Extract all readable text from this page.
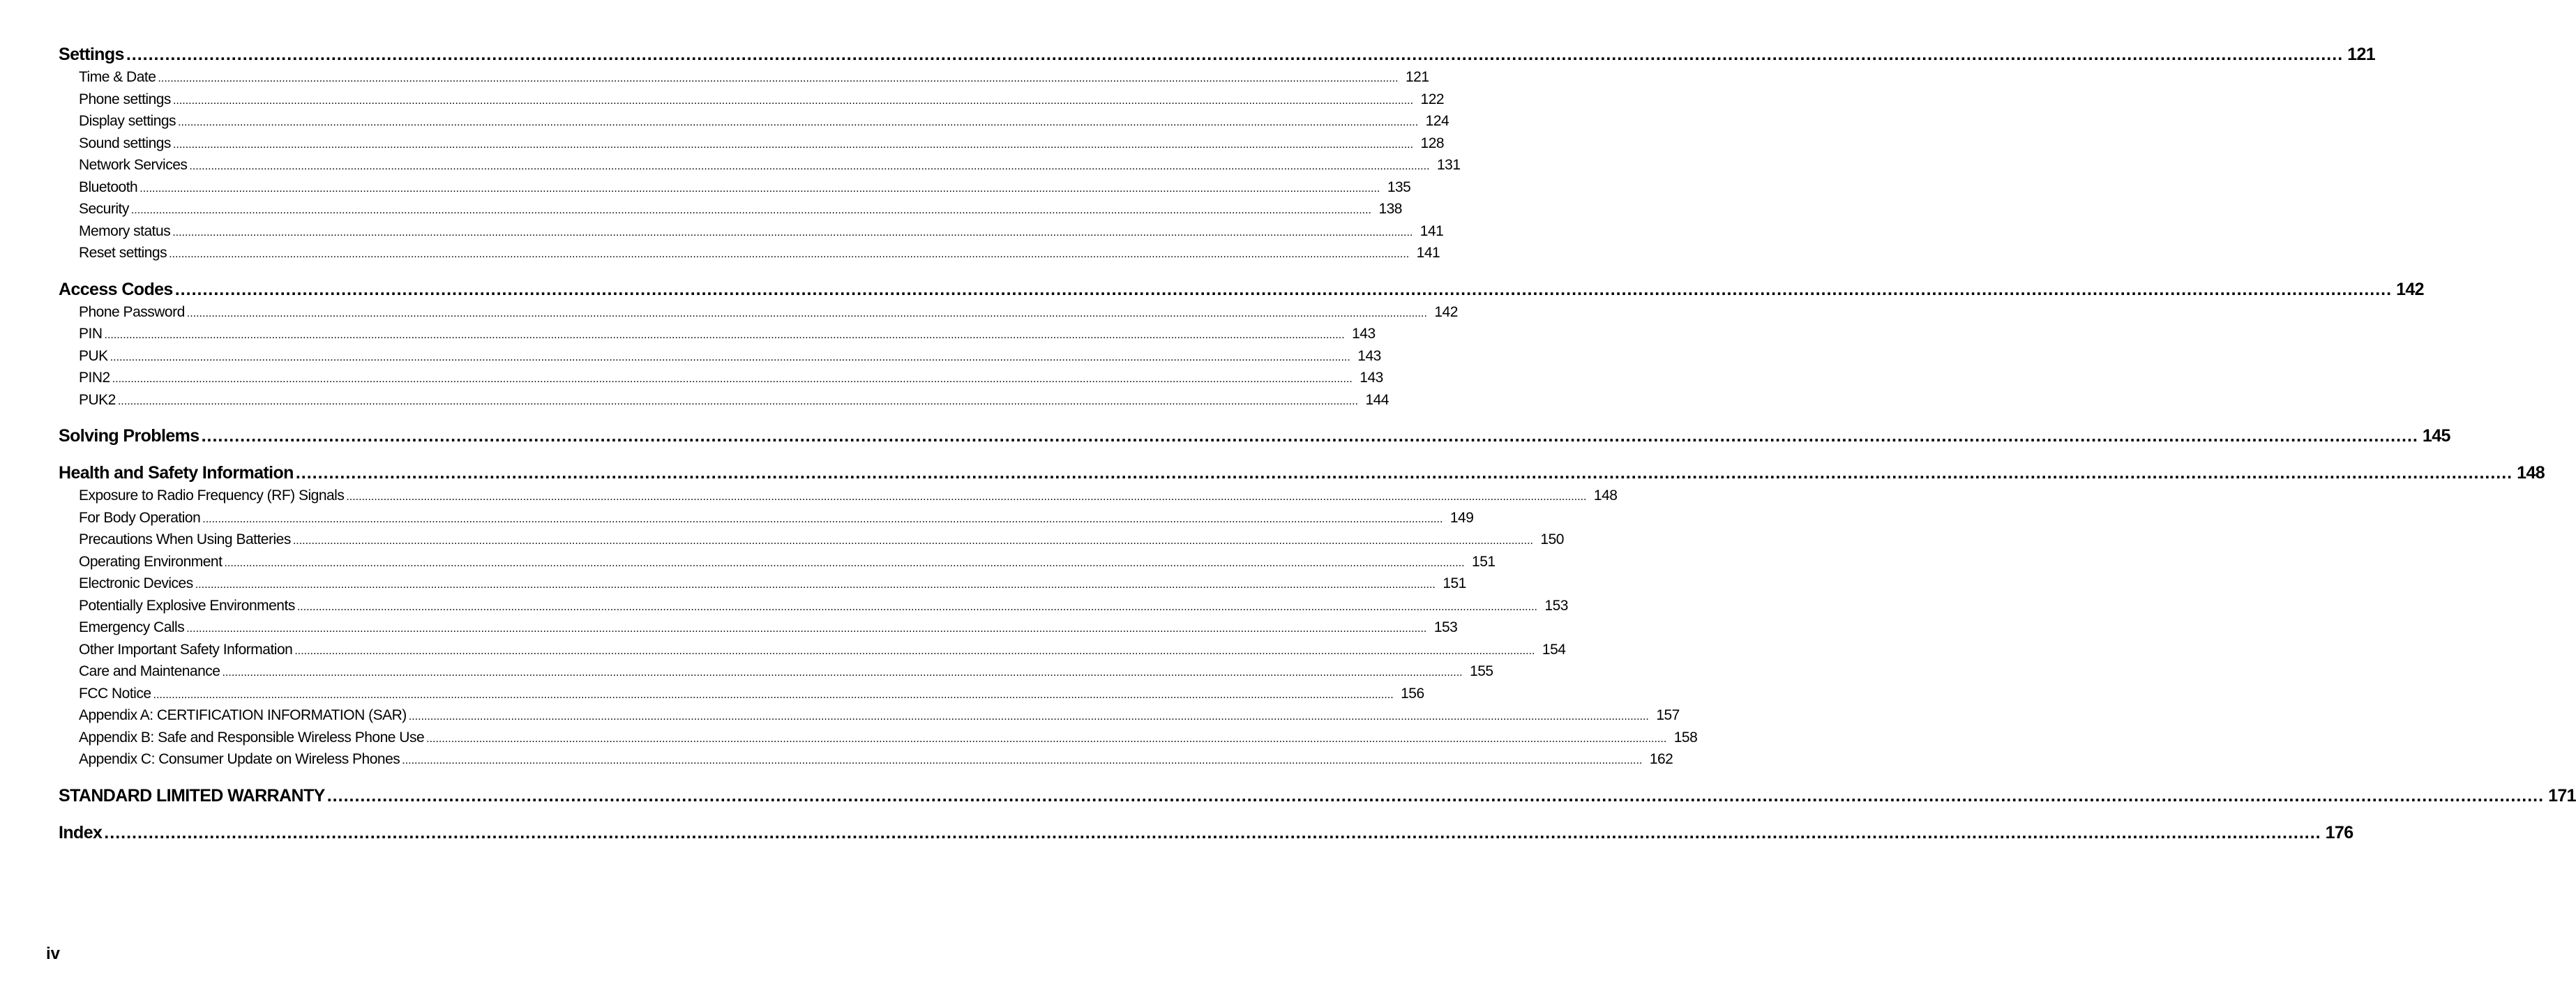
Settings ................................................................................................................................................................................................................................................................................................................................................................................................................ 121
Time & Date ................................................................................................................................................................................................................................................................................................................................................................................................................ 121
Phone settings ................................................................................................................................................................................................................................................................................................................................................................................................................ 122
Display settings ................................................................................................................................................................................................................................................................................................................................................................................................................ 124
Sound settings ................................................................................................................................................................................................................................................................................................................................................................................................................ 128
Network Services ................................................................................................................................................................................................................................................................................................................................................................................................................ 131
Bluetooth ................................................................................................................................................................................................................................................................................................................................................................................................................ 135
Security ................................................................................................................................................................................................................................................................................................................................................................................................................ 138
Memory status ................................................................................................................................................................................................................................................................................................................................................................................................................ 141
Reset settings ................................................................................................................................................................................................................................................................................................................................................................................................................ 141
Access Codes ................................................................................................................................................................................................................................................................................................................................................................................................................ 142
Phone Password ................................................................................................................................................................................................................................................................................................................................................................................................................ 142
PIN ................................................................................................................................................................................................................................................................................................................................................................................................................ 143
PUK ................................................................................................................................................................................................................................................................................................................................................................................................................ 143
PIN2 ................................................................................................................................................................................................................................................................................................................................................................................................................ 143
PUK2 ................................................................................................................................................................................................................................................................................................................................................................................................................ 144
Solving Problems ................................................................................................................................................................................................................................................................................................................................................................................................................ 145
Health and Safety Information ................................................................................................................................................................................................................................................................................................................................................................................................................ 148
Exposure to Radio Frequency (RF) Signals ................................................................................................................................................................................................................................................................................................................................................................................................................ 148
For Body Operation ................................................................................................................................................................................................................................................................................................................................................................................................................ 149
Precautions When Using Batteries ................................................................................................................................................................................................................................................................................................................................................................................................................ 150
Operating Environment ................................................................................................................................................................................................................................................................................................................................................................................................................ 151
Electronic Devices ................................................................................................................................................................................................................................................................................................................................................................................................................ 151
Potentially Explosive Environments ................................................................................................................................................................................................................................................................................................................................................................................................................ 153
Emergency Calls ................................................................................................................................................................................................................................................................................................................................................................................................................ 153
Other Important Safety Information ................................................................................................................................................................................................................................................................................................................................................................................................................ 154
Care and Maintenance ................................................................................................................................................................................................................................................................................................................................................................................................................ 155
FCC Notice ................................................................................................................................................................................................................................................................................................................................................................................................................ 156
Appendix A: CERTIFICATION INFORMATION (SAR) ................................................................................................................................................................................................................................................................................................................................................................................................................ 157
Appendix B: Safe and Responsible Wireless Phone Use ................................................................................................................................................................................................................................................................................................................................................................................................................ 158
Appendix C: Consumer Update on Wireless Phones ................................................................................................................................................................................................................................................................................................................................................................................................................ 162
STANDARD LIMITED WARRANTY ................................................................................................................................................................................................................................................................................................................................................................................................................ 171
Index ................................................................................................................................................................................................................................................................................................................................................................................................................ 176
iv
